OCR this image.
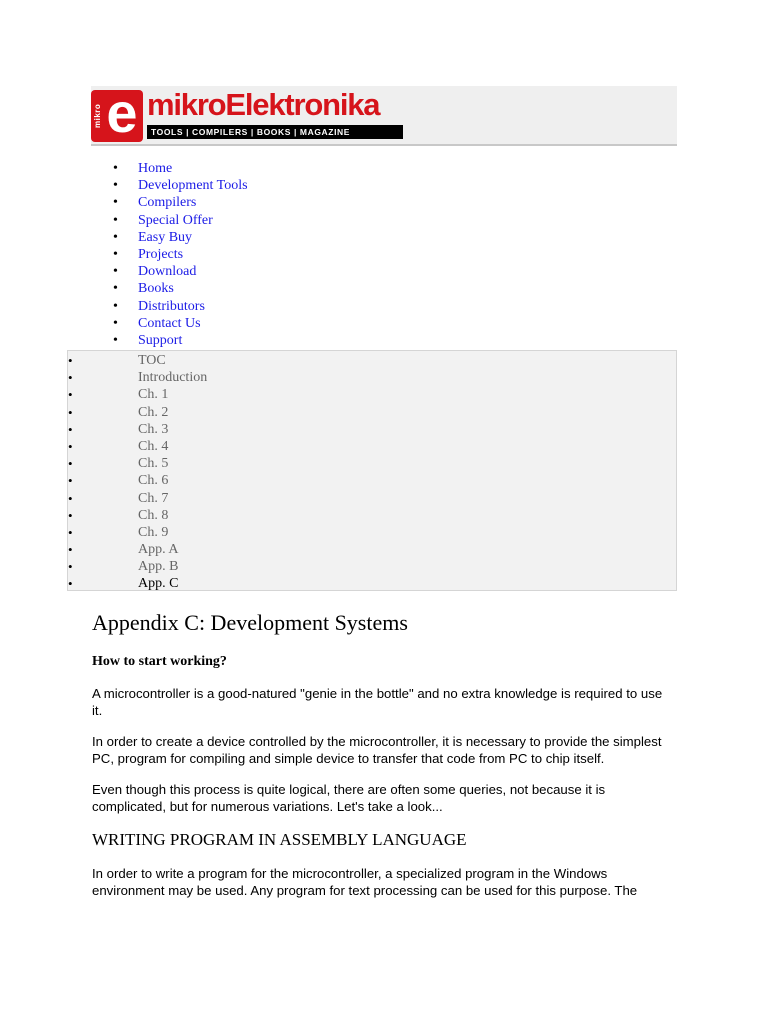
mikro e mikroElektronika
TOOLS | COMPILERS | BOOKS | MAGAZINE
• Home
• Development Tools
• Compilers
• Special Offer
• Easy Buy
• Projects
• Download
• Books
• Distributors
• Contact Us
• Support
• TOC
• Introduction
• Ch. 1
• Ch. 2
• Ch. 3
• Ch. 4
• Ch. 5
• Ch. 6
• Ch. 7
• Ch. 8
• Ch. 9
• App. A
• App. B
• App. C
Appendix C: Development Systems
How to start working?

A microcontroller is a good-natured "genie in the bottle" and no extra knowledge is required to use it.

In order to create a device controlled by the microcontroller, it is necessary to provide the simplest PC, program for compiling and simple device to transfer that code from PC to chip itself.

Even though this process is quite logical, there are often some queries, not because it is complicated, but for numerous variations. Let's take a look...

WRITING PROGRAM IN ASSEMBLY LANGUAGE

In order to write a program for the microcontroller, a specialized program in the Windows environment may be used. Any program for text processing can be used for this purpose. The
